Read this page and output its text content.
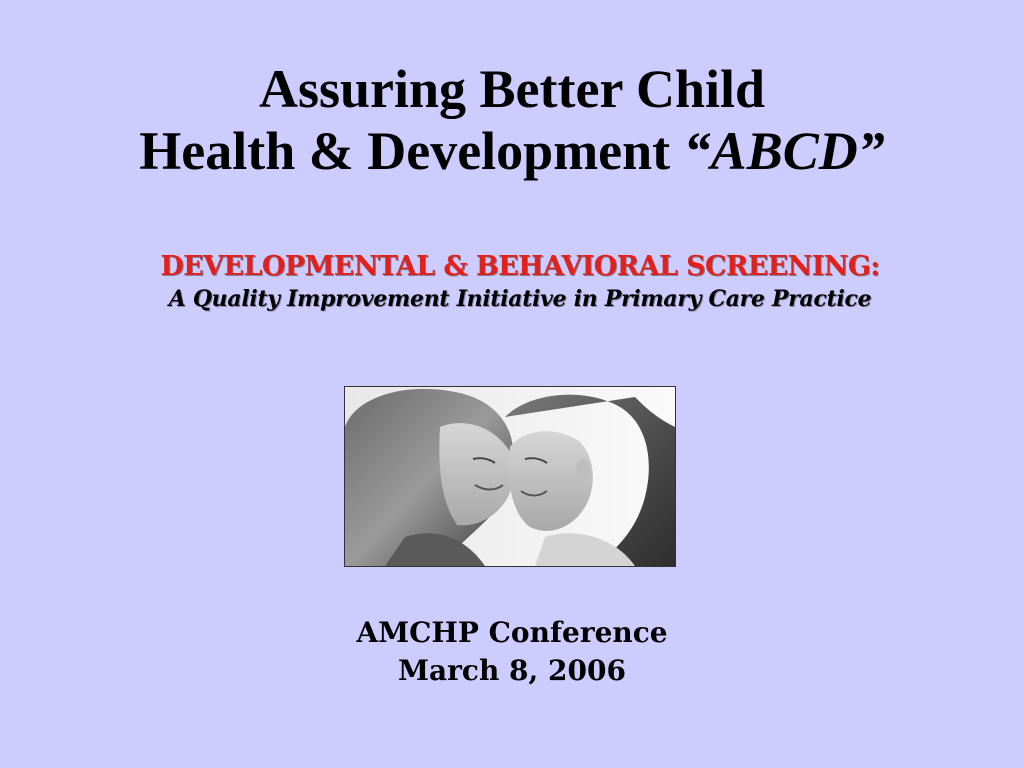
Assuring Better Child
Health & Development “ABCD”
DEVELOPMENTAL & BEHAVIORAL SCREENING:
A Quality Improvement Initiative in Primary Care Practice
AMCHP Conference
March 8, 2006
